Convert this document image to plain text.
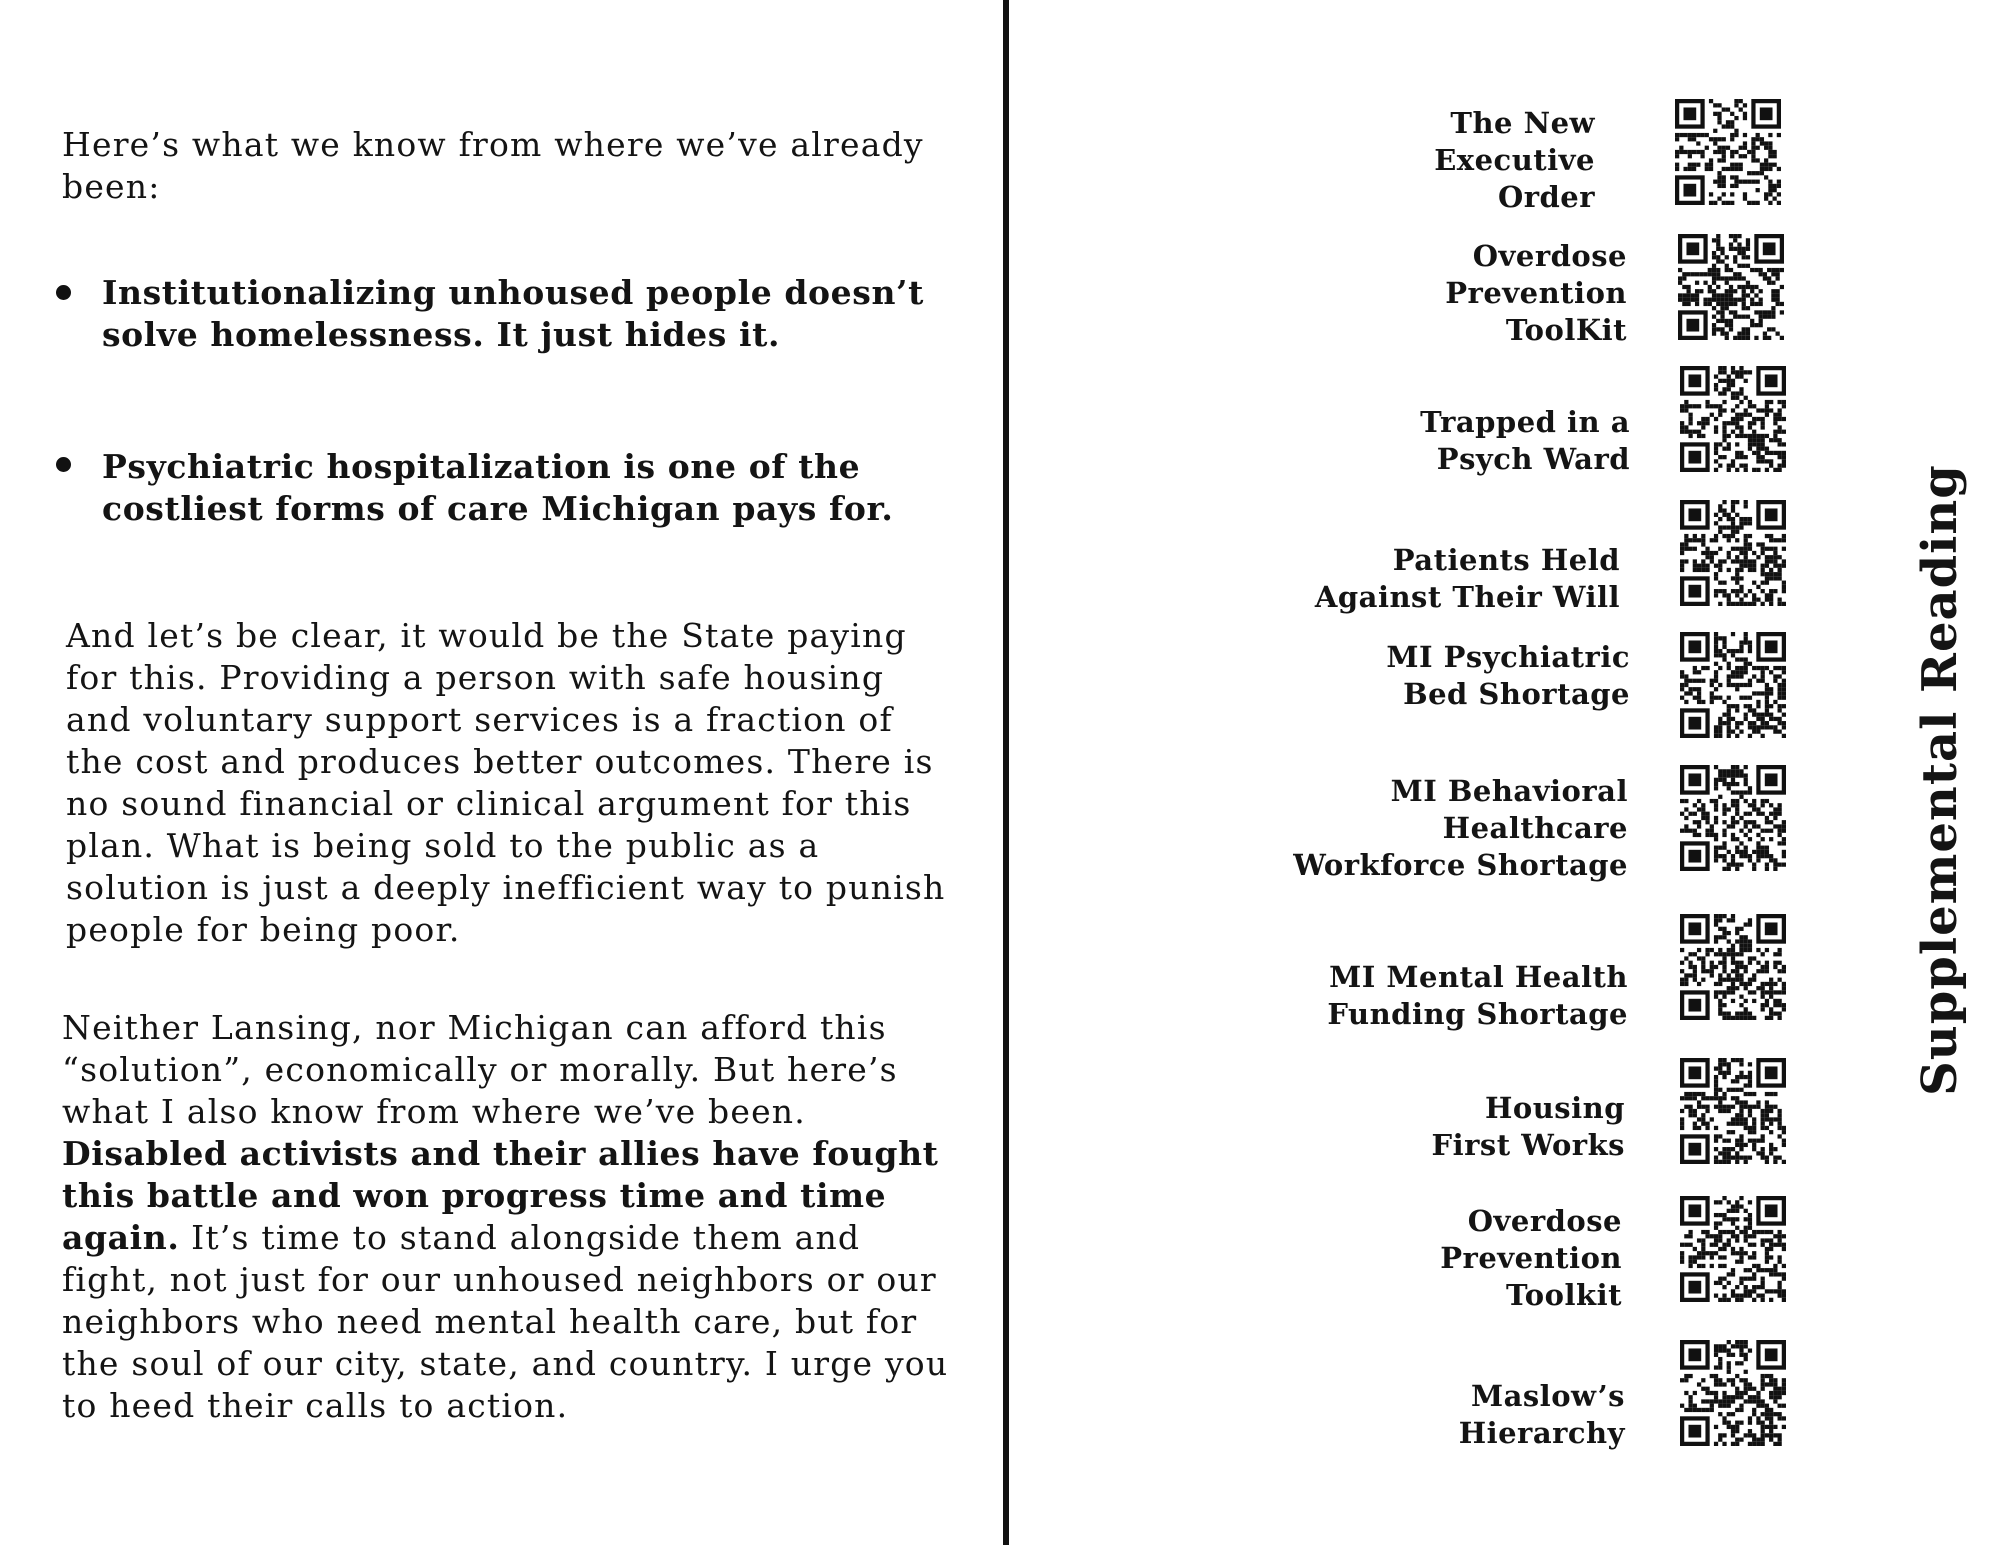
Here’s what we know from where we’ve already been:

Institutionalizing unhoused people doesn’t solve homelessness. It just hides it.
Psychiatric hospitalization is one of the costliest forms of care Michigan pays for.

And let’s be clear, it would be the State paying for this. Providing a person with safe housing and voluntary support services is a fraction of the cost and produces better outcomes. There is no sound financial or clinical argument for this plan. What is being sold to the public as a solution is just a deeply inefficient way to punish people for being poor.

Neither Lansing, nor Michigan can afford this “solution”, economically or morally. But here’s what I also know from where we’ve been. Disabled activists and their allies have fought this battle and won progress time and time again. It’s time to stand alongside them and fight, not just for our unhoused neighbors or our neighbors who need mental health care, but for the soul of our city, state, and country. I urge you to heed their calls to action.

The New
Executive
Order
Overdose
Prevention
ToolKit
Trapped in a
Psych Ward
Patients Held
Against Their Will
MI Psychiatric
Bed Shortage
MI Behavioral
Healthcare
Workforce Shortage
MI Mental Health
Funding Shortage
Housing
First Works
Overdose
Prevention
Toolkit
Maslow’s
Hierarchy
Supplemental Reading
